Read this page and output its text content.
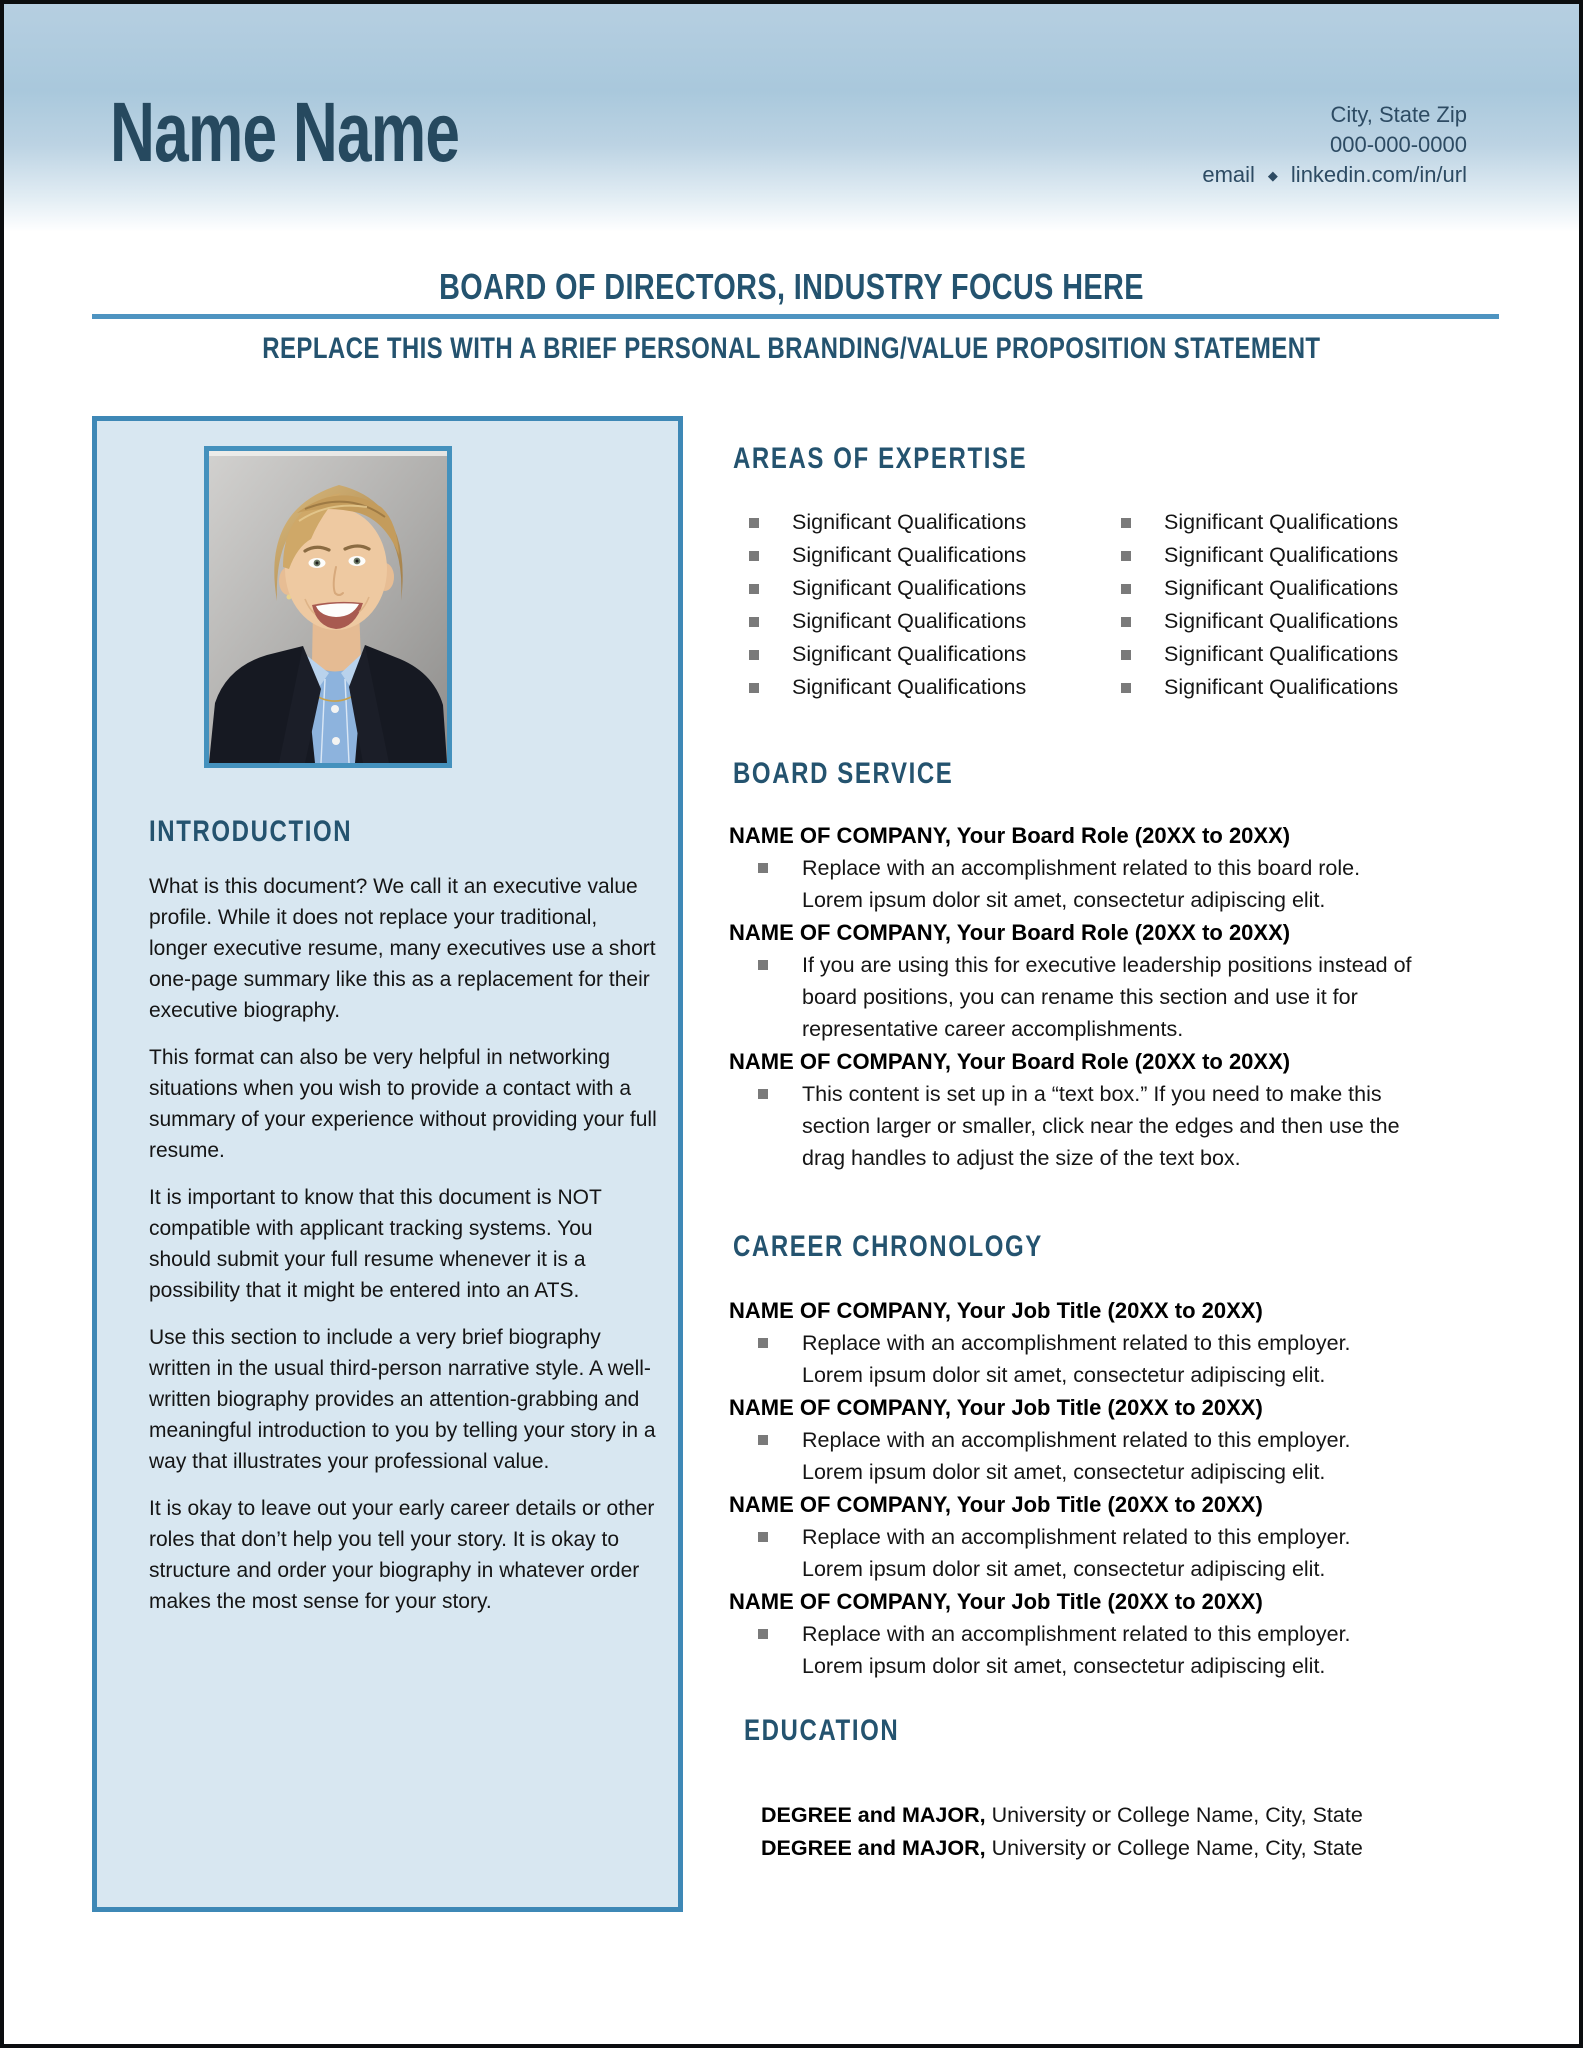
Name Name	City, State Zip
000-000-0000
email ◆ linkedin.com/in/url
BOARD OF DIRECTORS, INDUSTRY FOCUS HERE
REPLACE THIS WITH A BRIEF PERSONAL BRANDING/VALUE PROPOSITION STATEMENT
INTRODUCTION

What is this document? We call it an executive value profile. While it does not replace your traditional, longer executive resume, many executives use a short one-page summary like this as a replacement for their executive biography.

This format can also be very helpful in networking situations when you wish to provide a contact with a summary of your experience without providing your full resume.

It is important to know that this document is NOT compatible with applicant tracking systems. You should submit your full resume whenever it is a possibility that it might be entered into an ATS.

Use this section to include a very brief biography written in the usual third-person narrative style. A well-written biography provides an attention-grabbing and meaningful introduction to you by telling your story in a way that illustrates your professional value.

It is okay to leave out your early career details or other roles that don’t help you tell your story. It is okay to structure and order your biography in whatever order makes the most sense for your story.

AREAS OF EXPERTISE
Significant Qualifications
Significant Qualifications
Significant Qualifications
Significant Qualifications
Significant Qualifications
Significant Qualifications
Significant Qualifications
Significant Qualifications
Significant Qualifications
Significant Qualifications
Significant Qualifications
Significant Qualifications
BOARD SERVICE
NAME OF COMPANY, Your Board Role (20XX to 20XX)
Replace with an accomplishment related to this board role.
Lorem ipsum dolor sit amet, consectetur adipiscing elit.
NAME OF COMPANY, Your Board Role (20XX to 20XX)
If you are using this for executive leadership positions instead of
board positions, you can rename this section and use it for
representative career accomplishments.
NAME OF COMPANY, Your Board Role (20XX to 20XX)
This content is set up in a “text box.” If you need to make this
section larger or smaller, click near the edges and then use the
drag handles to adjust the size of the text box.
CAREER CHRONOLOGY
NAME OF COMPANY, Your Job Title (20XX to 20XX)
Replace with an accomplishment related to this employer.
Lorem ipsum dolor sit amet, consectetur adipiscing elit.
NAME OF COMPANY, Your Job Title (20XX to 20XX)
Replace with an accomplishment related to this employer.
Lorem ipsum dolor sit amet, consectetur adipiscing elit.
NAME OF COMPANY, Your Job Title (20XX to 20XX)
Replace with an accomplishment related to this employer.
Lorem ipsum dolor sit amet, consectetur adipiscing elit.
NAME OF COMPANY, Your Job Title (20XX to 20XX)
Replace with an accomplishment related to this employer.
Lorem ipsum dolor sit amet, consectetur adipiscing elit.
EDUCATION
DEGREE and MAJOR, University or College Name, City, State
DEGREE and MAJOR, University or College Name, City, State
